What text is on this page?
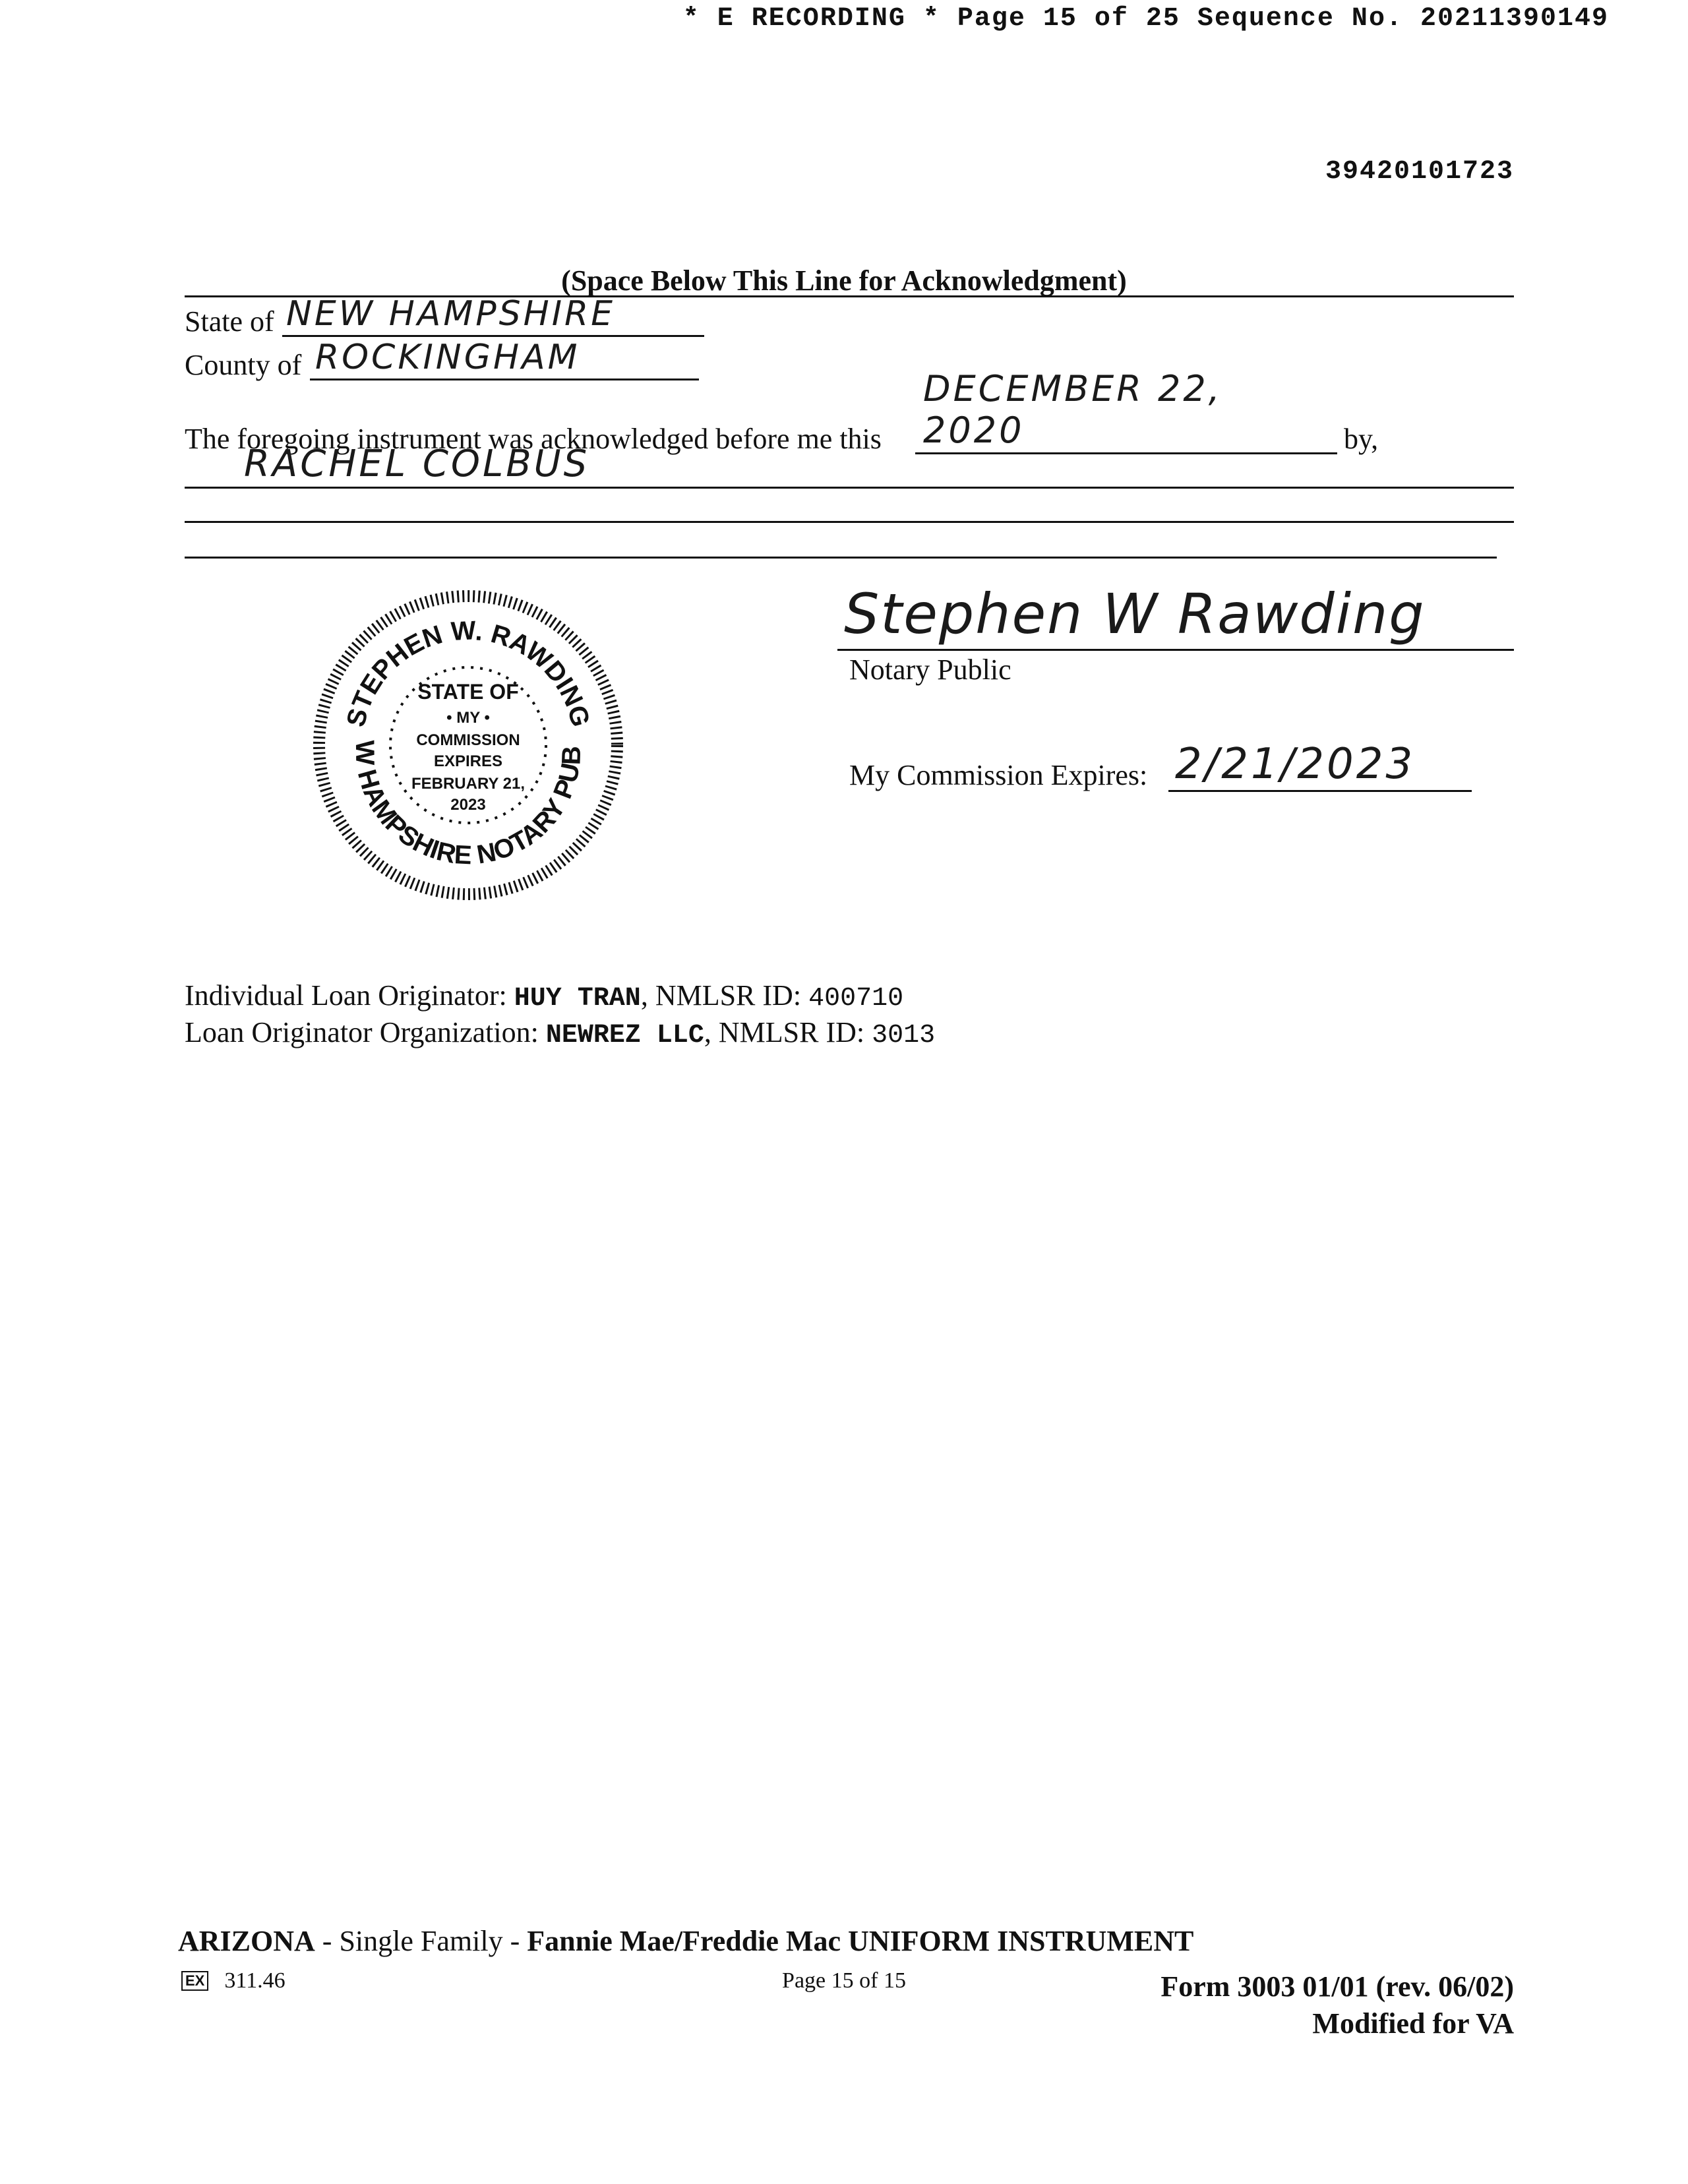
* E RECORDING * Page 15 of 25 Sequence No. 20211390149
39420101723
(Space Below This Line for Acknowledgment)
State of NEW HAMPSHIRE
County of ROCKINGHAM
The foregoing instrument was acknowledged before me this
DECEMBER 22, 2020	by,
RACHEL COLBUS
STEPHEN W. RAWDING
W HAMPSHIRE NOTARY PUB
STATE OF
• MY •
COMMISSION
EXPIRES
FEBRUARY 21,
2023
Stephen W Rawding
Notary Public
My Commission Expires: 2/21/2023
Individual Loan Originator: HUY TRAN, NMLSR ID: 400710
Loan Originator Organization: NEWREZ LLC, NMLSR ID: 3013
ARIZONA - Single Family - Fannie Mae/Freddie Mac UNIFORM INSTRUMENT
EX 311.46	Page 15 of 15	Form 3003 01/01 (rev. 06/02)
Modified for VA
